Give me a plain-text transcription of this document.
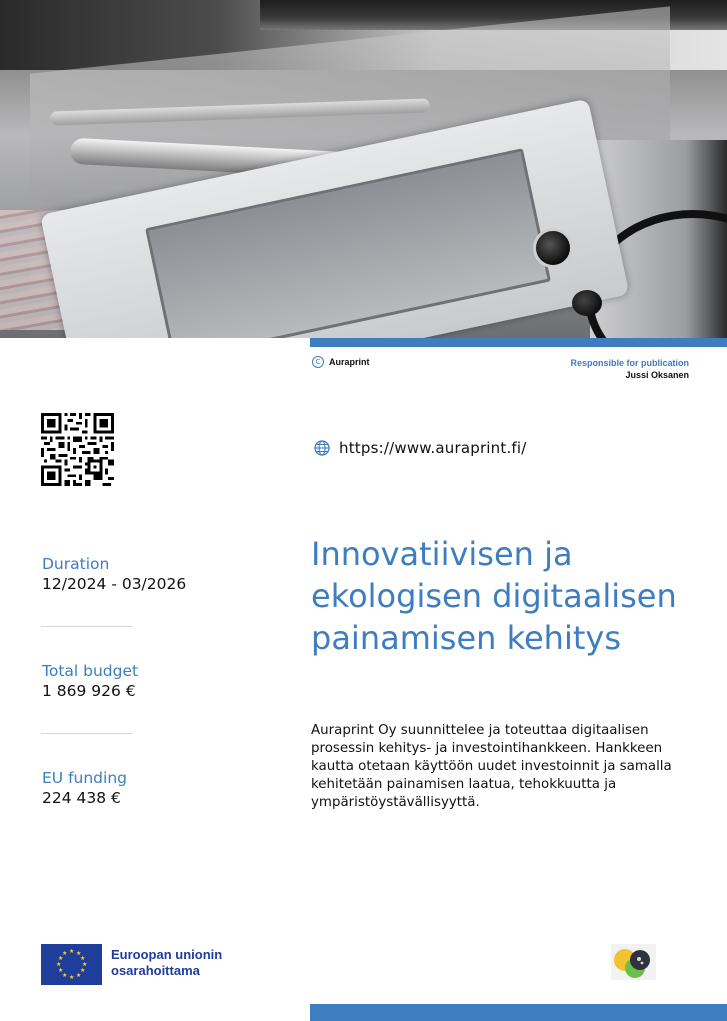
C Auraprint	Responsible for publication
Jussi Oksanen
https://www.auraprint.fi/
Duration
12/2024 - 03/2026
Total budget
1 869 926 €
EU funding
224 438 €
Innovatiivisen ja ekologisen digitaalisen painamisen kehitys

Auraprint Oy suunnittelee ja toteuttaa digitaalisen prosessin kehitys- ja investointihankkeen. Hankkeen kautta otetaan käyttöön uudet investoinnit ja samalla kehitetään painamisen laatua, tehokkuutta ja ympäristöystävällisyyttä.

★ ★
★
★
★
★
★
★
★
★
★
★	Euroopan unionin
osarahoittama
